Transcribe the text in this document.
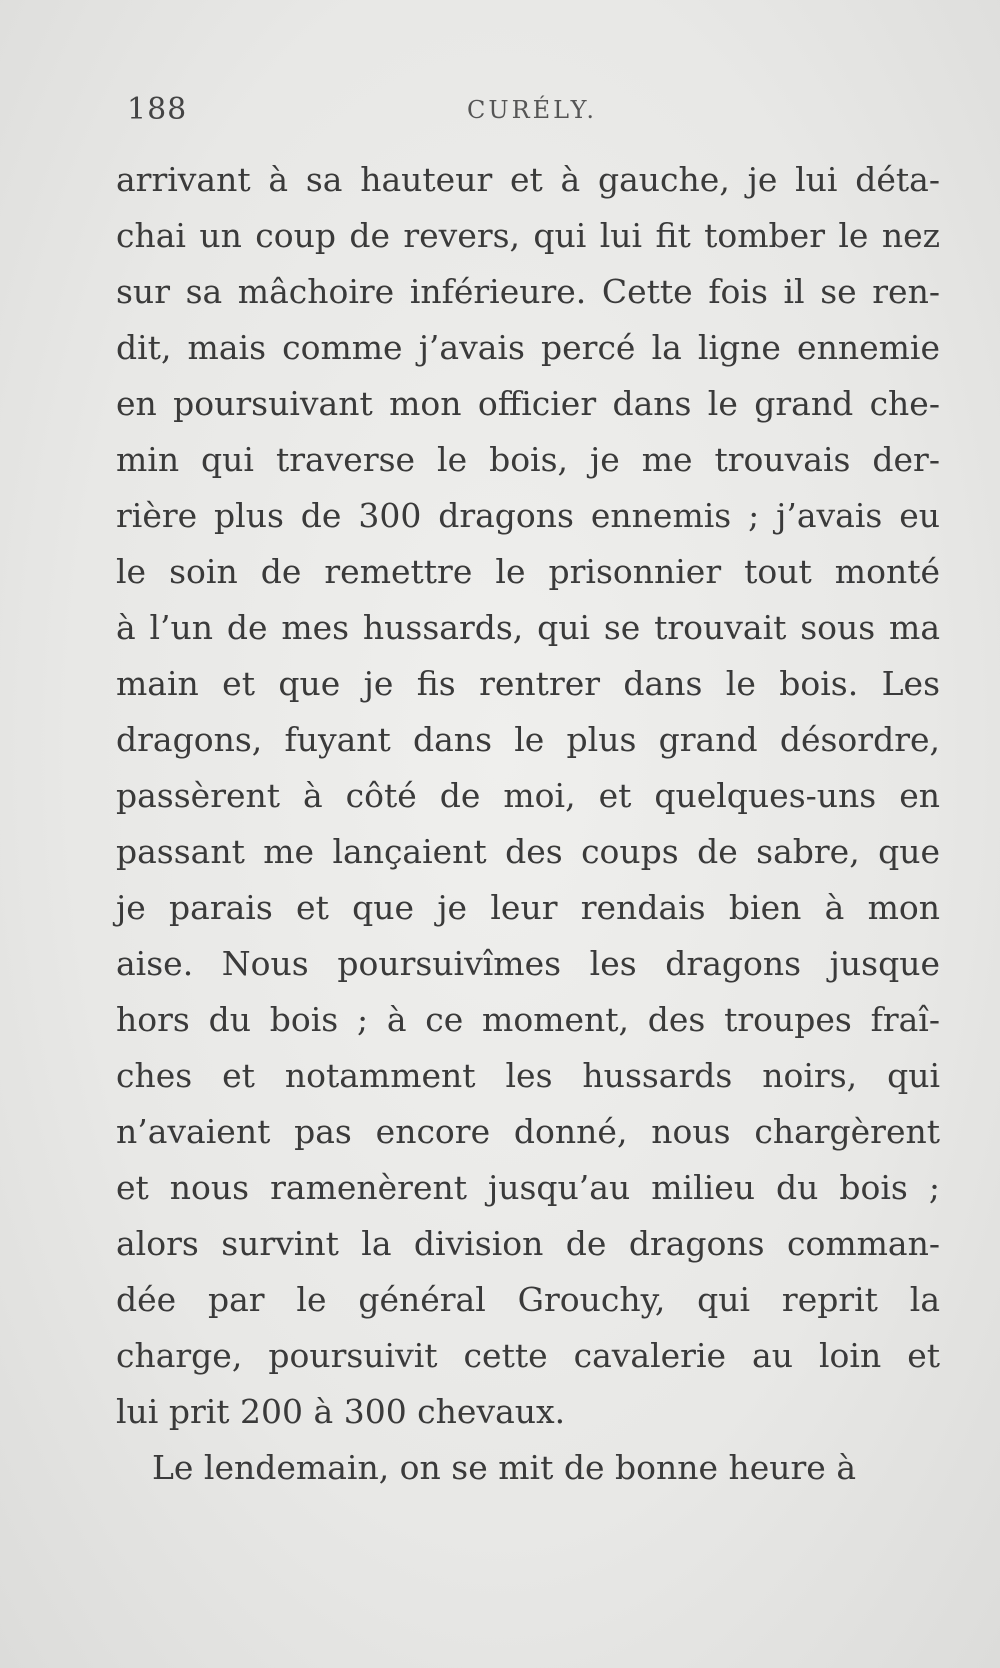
188	CURÉLY.
arrivant à sa hauteur et à gauche, je lui déta-
chai un coup de revers, qui lui fit tomber le nez
sur sa mâchoire inférieure. Cette fois il se ren-
dit, mais comme j’avais percé la ligne ennemie
en poursuivant mon officier dans le grand che-
min qui traverse le bois, je me trouvais der-
rière plus de 300 dragons ennemis ; j’avais eu
le soin de remettre le prisonnier tout monté
à l’un de mes hussards, qui se trouvait sous ma
main et que je fis rentrer dans le bois. Les
dragons, fuyant dans le plus grand désordre,
passèrent à côté de moi, et quelques-uns en
passant me lançaient des coups de sabre, que
je parais et que je leur rendais bien à mon
aise. Nous poursuivîmes les dragons jusque
hors du bois ; à ce moment, des troupes fraî-
ches et notamment les hussards noirs, qui
n’avaient pas encore donné, nous chargèrent
et nous ramenèrent jusqu’au milieu du bois ;
alors survint la division de dragons comman-
dée par le général Grouchy, qui reprit la
charge, poursuivit cette cavalerie au loin et
lui prit 200 à 300 chevaux.
Le lendemain, on se mit de bonne heure à
